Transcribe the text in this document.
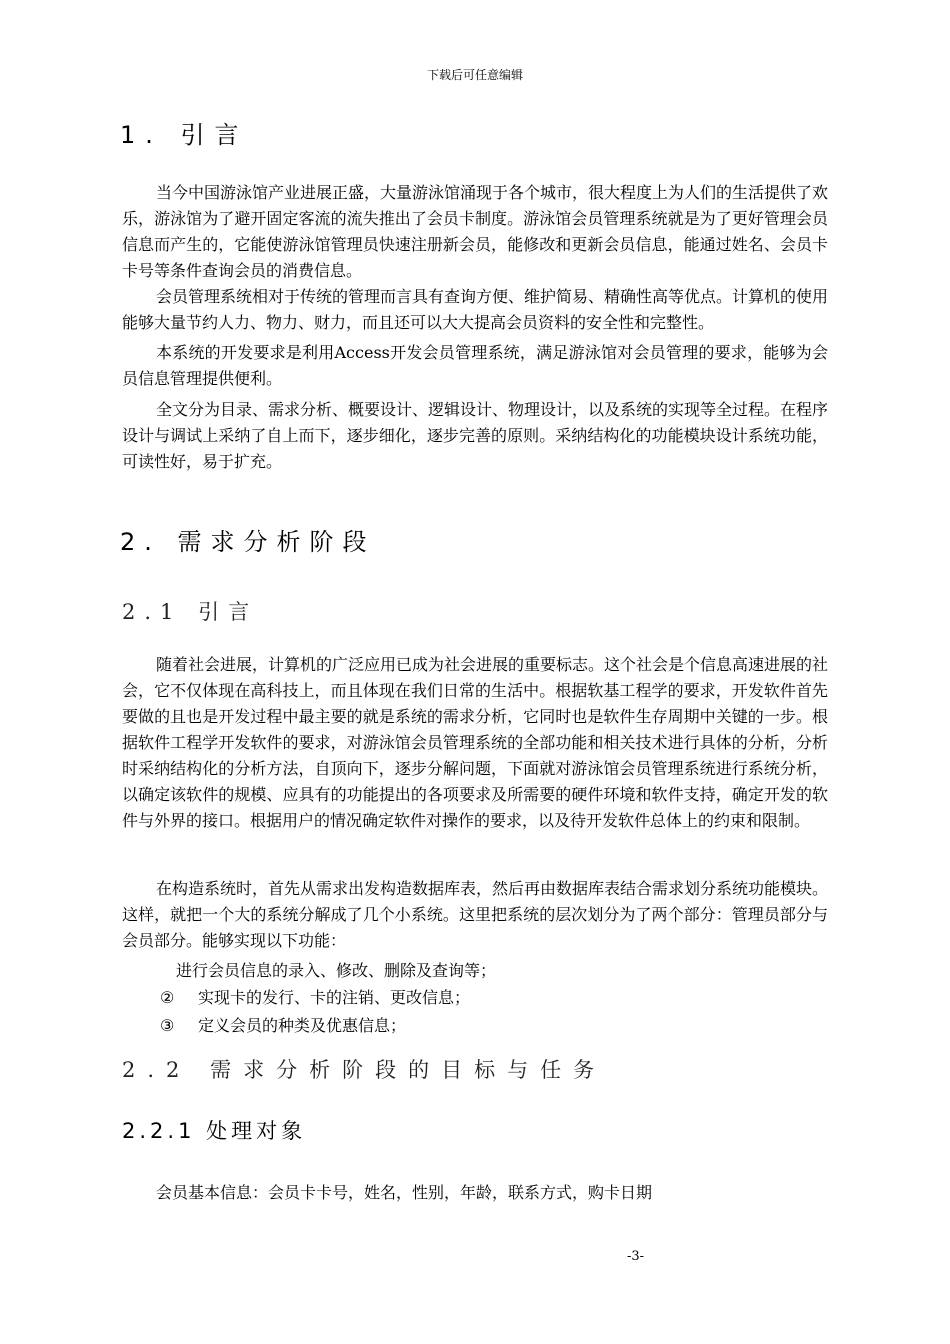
下载后可任意编辑
1. 引言

当今中国游泳馆产业进展正盛，大量游泳馆涌现于各个城市，很大程度上为人们的生活提供了欢乐，游泳馆为了避开固定客流的流失推出了会员卡制度。游泳馆会员管理系统就是为了更好管理会员信息而产生的，它能使游泳馆管理员快速注册新会员，能修改和更新会员信息，能通过姓名、会员卡卡号等条件查询会员的消费信息。

会员管理系统相对于传统的管理而言具有查询方便、维护简易、精确性高等优点。计算机的使用能够大量节约人力、物力、财力，而且还可以大大提高会员资料的安全性和完整性。

本系统的开发要求是利用Access开发会员管理系统，满足游泳馆对会员管理的要求，能够为会员信息管理提供便利。

全文分为目录、需求分析、概要设计、逻辑设计、物理设计，以及系统的实现等全过程。在程序设计与调试上采纳了自上而下，逐步细化，逐步完善的原则。采纳结构化的功能模块设计系统功能，可读性好，易于扩充。

2. 需求分析阶段
2.1 引言

随着社会进展，计算机的广泛应用已成为社会进展的重要标志。这个社会是个信息高速进展的社会，它不仅体现在高科技上，而且体现在我们日常的生活中。根据软基工程学的要求，开发软件首先要做的且也是开发过程中最主要的就是系统的需求分析，它同时也是软件生存周期中关键的一步。根据软件工程学开发软件的要求，对游泳馆会员管理系统的全部功能和相关技术进行具体的分析，分析时采纳结构化的分析方法，自顶向下，逐步分解问题，下面就对游泳馆会员管理系统进行系统分析，以确定该软件的规模、应具有的功能提出的各项要求及所需要的硬件环境和软件支持，确定开发的软件与外界的接口。根据用户的情况确定软件对操作的要求，以及待开发软件总体上的约束和限制。

在构造系统时，首先从需求出发构造数据库表，然后再由数据库表结合需求划分系统功能模块。这样，就把一个大的系统分解成了几个小系统。这里把系统的层次划分为了两个部分：管理员部分与会员部分。能够实现以下功能：

进行会员信息的录入、修改、删除及查询等；
② 实现卡的发行、卡的注销、更改信息；
③ 定义会员的种类及优惠信息；
2.2 需求分析阶段的目标与任务
2.2.1 处理对象

会员基本信息：会员卡卡号，姓名，性别，年龄，联系方式，购卡日期

-3-
